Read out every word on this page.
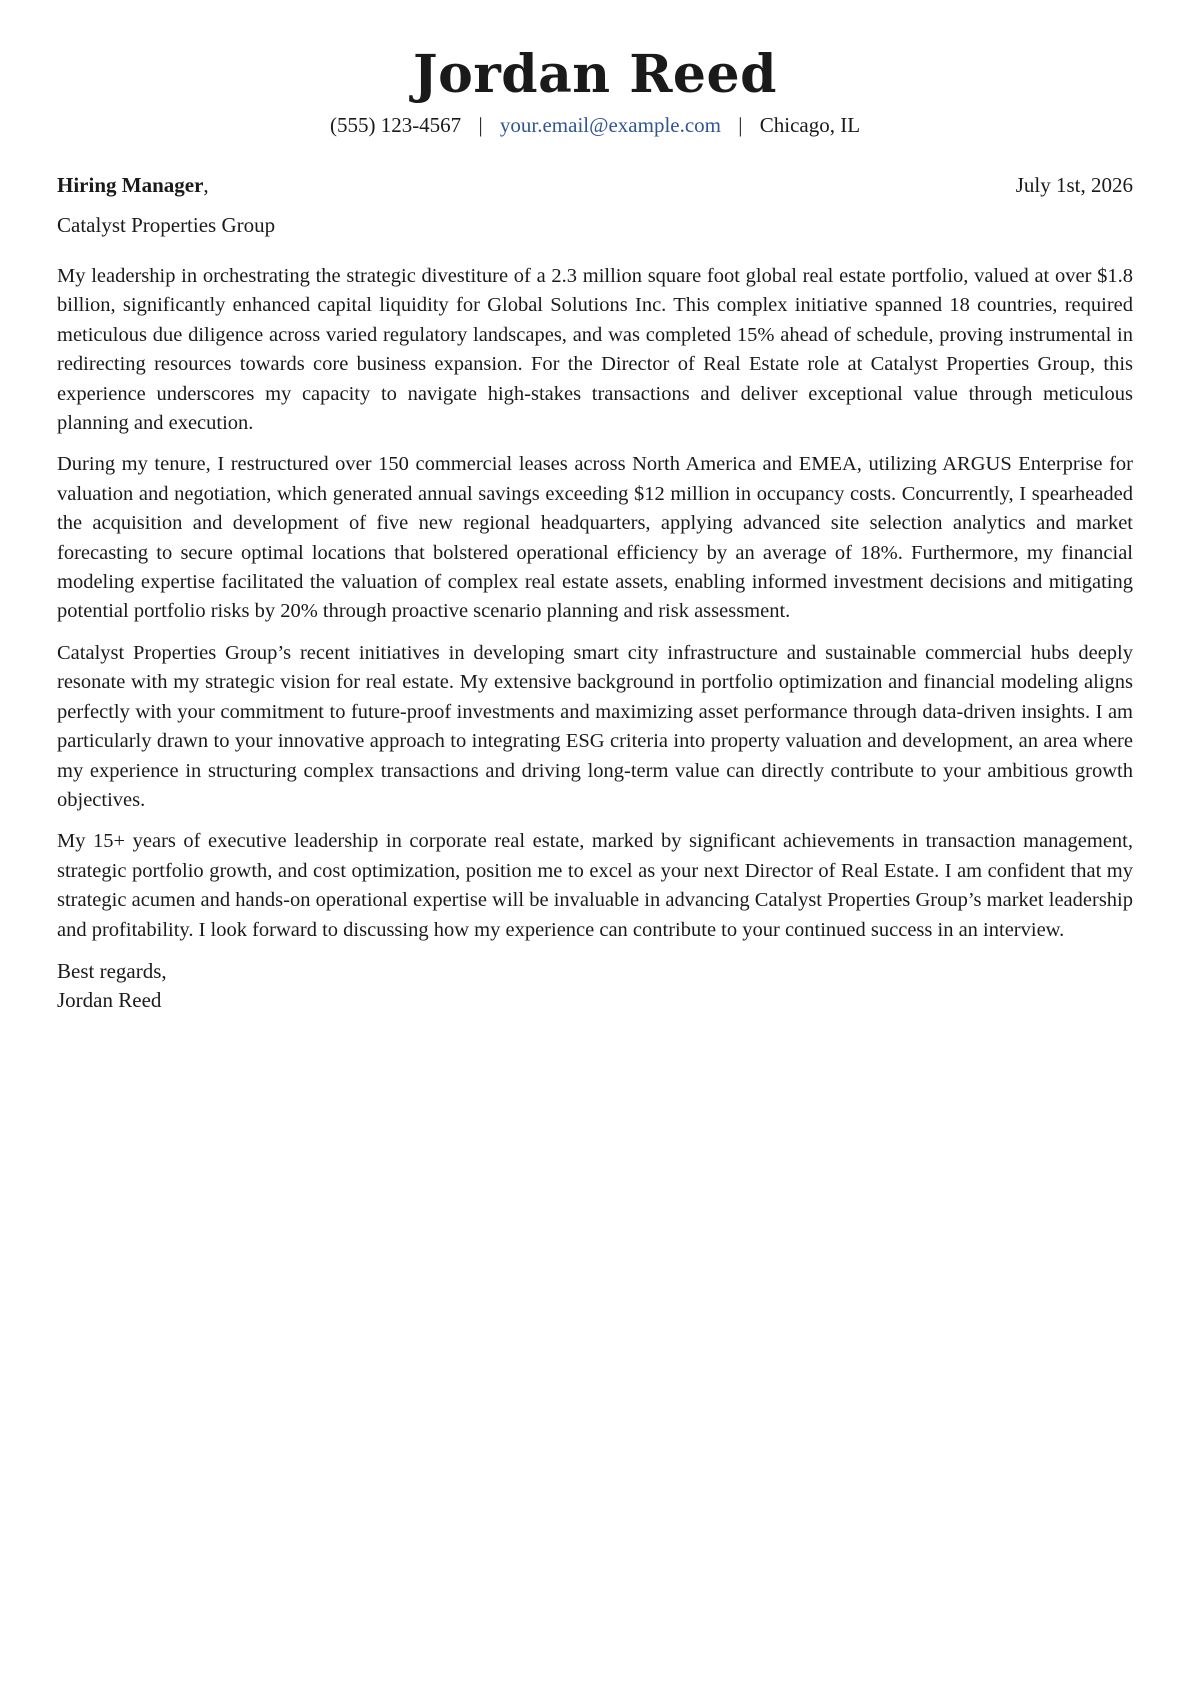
Jordan Reed
(555) 123-4567 | your.email@example.com | Chicago, IL
Hiring Manager,	July 1st, 2026
Catalyst Properties Group

My leadership in orchestrating the strategic divestiture of a 2.3 million square foot global real estate portfolio, valued at over $1.8 billion, significantly enhanced capital liquidity for Global Solutions Inc. This complex initiative spanned 18 countries, required meticulous due diligence across varied regulatory landscapes, and was completed 15% ahead of schedule, proving instrumental in redirecting resources towards core business expansion. For the Director of Real Estate role at Catalyst Properties Group, this experience underscores my capacity to navigate high-stakes transactions and deliver exceptional value through meticulous planning and execution.

During my tenure, I restructured over 150 commercial leases across North America and EMEA, utilizing ARGUS Enterprise for valuation and negotiation, which generated annual savings exceeding $12 million in occupancy costs. Concurrently, I spearheaded the acquisition and development of five new regional headquarters, applying advanced site selection analytics and market forecasting to secure optimal locations that bolstered operational efficiency by an average of 18%. Furthermore, my financial modeling expertise facilitated the valuation of complex real estate assets, enabling informed investment decisions and mitigating potential portfolio risks by 20% through proactive scenario planning and risk assessment.

Catalyst Properties Group’s recent initiatives in developing smart city infrastructure and sustainable commercial hubs deeply resonate with my strategic vision for real estate. My extensive background in portfolio optimization and financial modeling aligns perfectly with your commitment to future-proof investments and maximizing asset performance through data-driven insights. I am particularly drawn to your innovative approach to integrating ESG criteria into property valuation and development, an area where my experience in structuring complex transactions and driving long-term value can directly contribute to your ambitious growth objectives.

My 15+ years of executive leadership in corporate real estate, marked by significant achievements in transaction management, strategic portfolio growth, and cost optimization, position me to excel as your next Director of Real Estate. I am confident that my strategic acumen and hands-on operational expertise will be invaluable in advancing Catalyst Properties Group’s market leadership and profitability. I look forward to discussing how my experience can contribute to your continued success in an interview.

Best regards,
Jordan Reed
